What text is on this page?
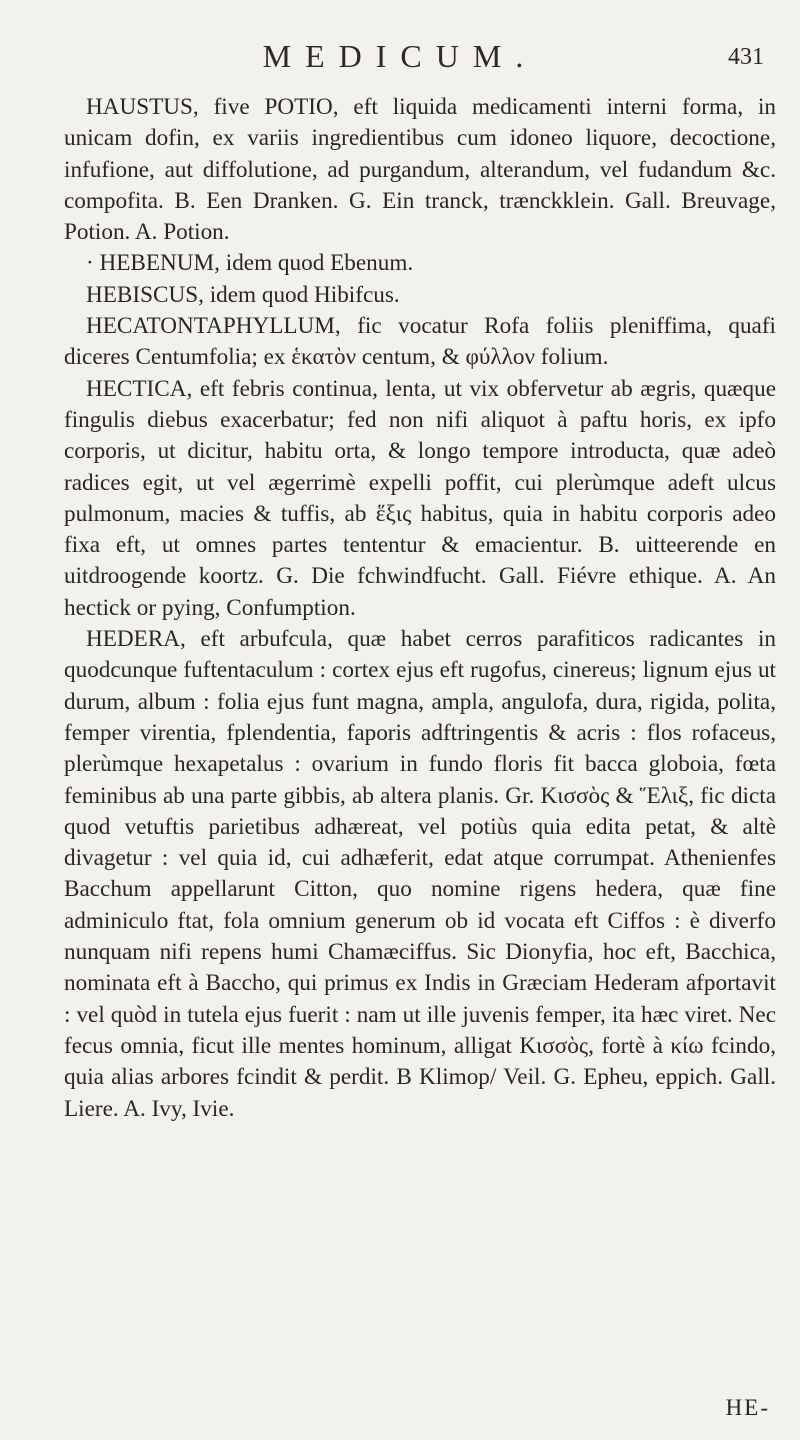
MEDICUM.	431

HAUSTUS, five POTIO, eft liquida medicamenti interni forma, in unicam dofin, ex variis ingredientibus cum idoneo liquore, decoctione, infufione, aut diffolutione, ad purgandum, alterandum, vel fudandum &c. compofita. B. Een Dranken. G. Ein tranck, trænckklein. Gall. Breuvage, Potion. A. Potion.

· HEBENUM, idem quod Ebenum.

HEBISCUS, idem quod Hibifcus.

HECATONTAPHYLLUM, fic vocatur Rofa foliis pleniffima, quafi diceres Centumfolia; ex ἑκατὸν centum, & φύλλον folium.

HECTICA, eft febris continua, lenta, ut vix obfervetur ab ægris, quæque fingulis diebus exacerbatur; fed non nifi aliquot à paftu horis, ex ipfo corporis, ut dicitur, habitu orta, & longo tempore introducta, quæ adeò radices egit, ut vel ægerrimè expelli poffit, cui plerùmque adeft ulcus pulmonum, macies & tuffis, ab ἕξις habitus, quia in habitu corporis adeo fixa eft, ut omnes partes tententur & emacientur. B. uitteerende en uitdroogende koortz. G. Die fchwindfucht. Gall. Fiévre ethique. A. An hectick or pying, Confumption.

HEDERA, eft arbufcula, quæ habet cerros parafiticos radicantes in quodcunque fuftentaculum : cortex ejus eft rugofus, cinereus; lignum ejus ut durum, album : folia ejus funt magna, ampla, angulofa, dura, rigida, polita, femper virentia, fplendentia, faporis adftringentis & acris : flos rofaceus, plerùmque hexapetalus : ovarium in fundo floris fit bacca globoia, fœta feminibus ab una parte gibbis, ab altera planis. Gr. Κισσὸς & Ἕλιξ, fic dicta quod vetuftis parietibus adhæreat, vel potiùs quia edita petat, & altè divagetur : vel quia id, cui adhæferit, edat atque corrumpat. Athenienfes Bacchum appellarunt Citton, quo nomine rigens hedera, quæ fine adminiculo ftat, fola omnium generum ob id vocata eft Ciffos : è diverfo nunquam nifi repens humi Chamæciffus. Sic Dionyfia, hoc eft, Bacchica, nominata eft à Baccho, qui primus ex Indis in Græciam Hederam afportavit : vel quòd in tutela ejus fuerit : nam ut ille juvenis femper, ita hæc viret. Nec fecus omnia, ficut ille mentes hominum, alligat Κισσὸς, fortè à κίω fcindo, quia alias arbores fcindit & perdit. B Klimop/ Veil. G. Epheu, eppich. Gall. Liere. A. Ivy, Ivie.

HE-
